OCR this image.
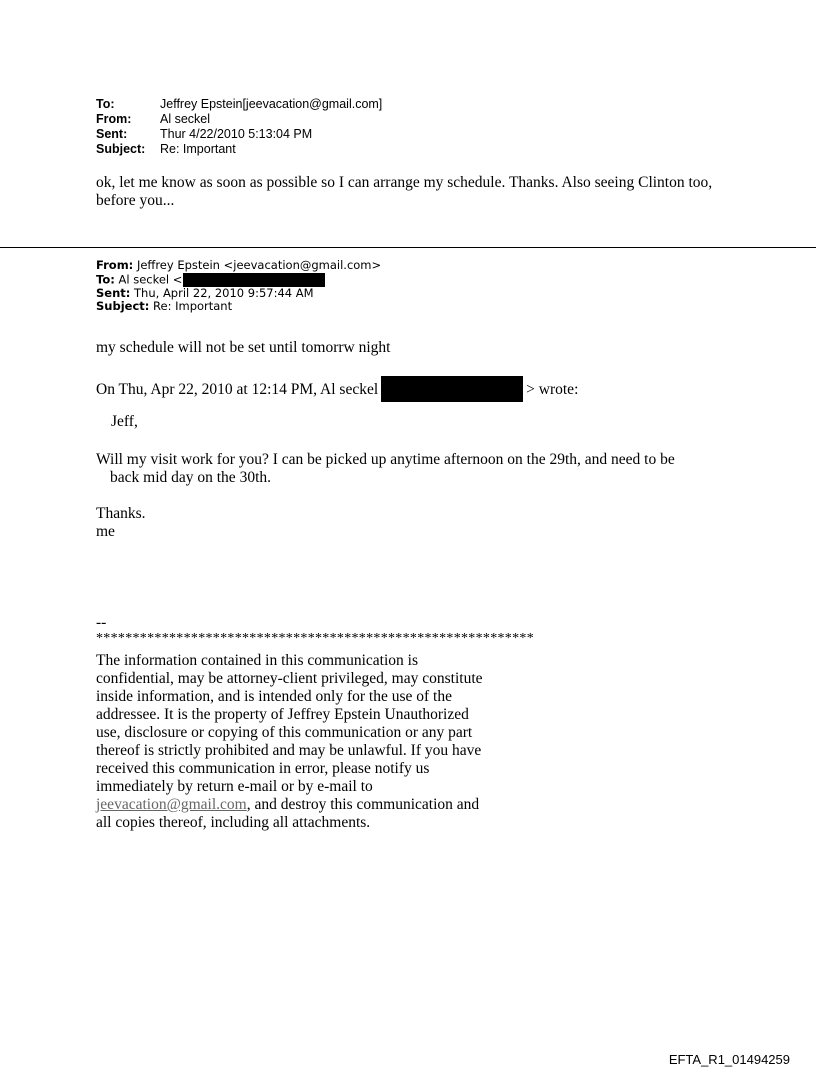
To:	Jeffrey Epstein[jeevacation@gmail.com]
From:	Al seckel
Sent:	Thur 4/22/2010 5:13:04 PM
Subject:	Re: Important
ok, let me know as soon as possible so I can arrange my schedule. Thanks. Also seeing Clinton too, before you...
From: Jeffrey Epstein <jeevacation@gmail.com>
To: Al seckel <
Sent: Thu, April 22, 2010 9:57:44 AM
Subject: Re: Important
my schedule will not be set until tomorrw night
On Thu, Apr 22, 2010 at 12:14 PM, Al seckel	> wrote:
Jeff,
Will my visit work for you? I can be picked up anytime afternoon on the 29th, and need to be
back mid day on the 30th.
Thanks.
me
--
************************************************************
The information contained in this communication is confidential, may be attorney-client privileged, may constitute inside information, and is intended only for the use of the addressee. It is the property of Jeffrey Epstein Unauthorized use, disclosure or copying of this communication or any part thereof is strictly prohibited and may be unlawful. If you have received this communication in error, please notify us immediately by return e-mail or by e-mail to jeevacation@gmail.com, and destroy this communication and all copies thereof, including all attachments.
EFTA_R1_01494259
